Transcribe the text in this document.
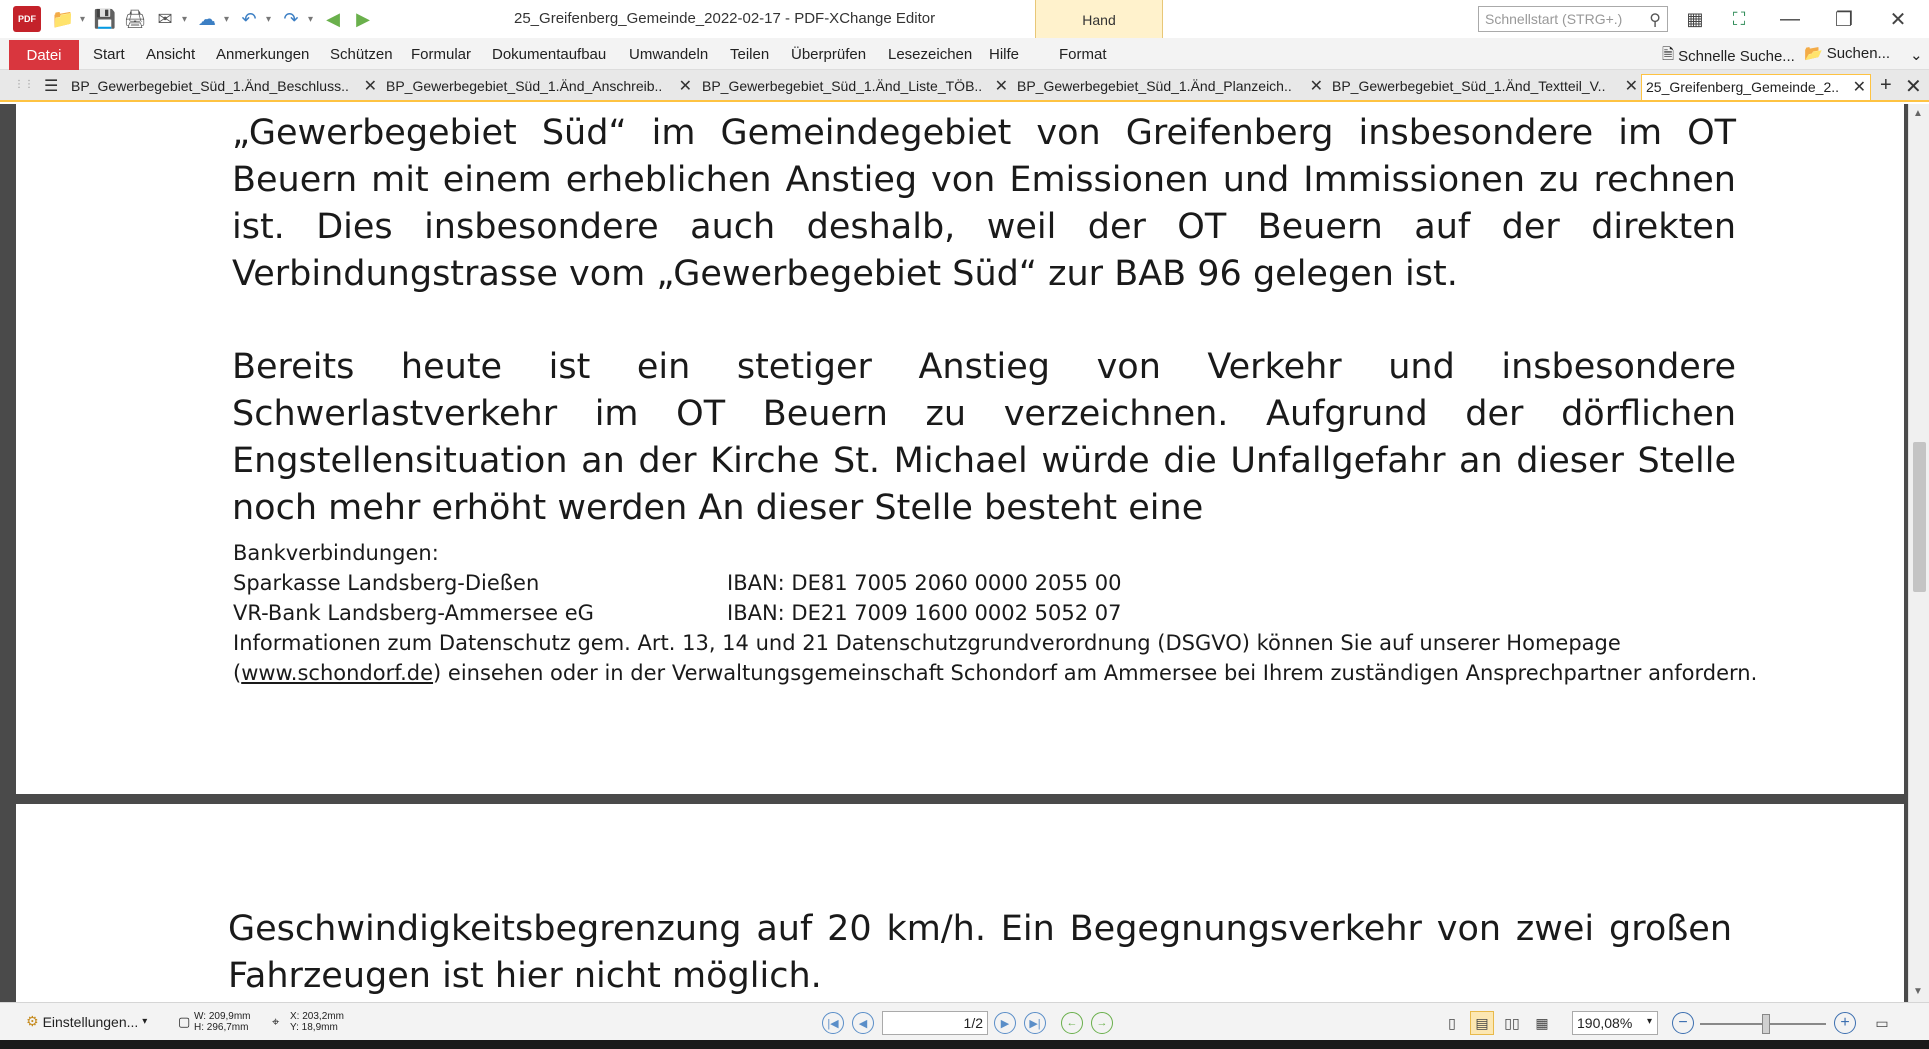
PDF 📁 ▾ 💾 🖨 ✉ ▾ ☁ ▾ ↶ ▾ ↷ ▾ ◀ ▶	25_Greifenberg_Gemeinde_2022-02-17 - PDF-XChange Editor	Schnellstart (STRG+.) ⚲	▦	⛶	—	❐	✕
Hand
Datei	Start Ansicht Anmerkungen Schützen Formular Dokumentaufbau Umwandeln Teilen Überprüfen Lesezeichen Hilfe	Format	🗎 Schnelle Suche... 📂 Suchen... ⌄
⋮⋮ ☰ BP_Gewerbegebiet_Süd_1.Änd_Beschluss.. ✕ BP_Gewerbegebiet_Süd_1.Änd_Anschreib.. ✕ BP_Gewerbegebiet_Süd_1.Änd_Liste_TÖB.. ✕ BP_Gewerbegebiet_Süd_1.Änd_Planzeich.. ✕ BP_Gewerbegebiet_Süd_1.Änd_Textteil_V.. ✕ 25_Greifenberg_Gemeinde_2.. ✕ + ✕

„Gewerbegebiet Süd“ im Gemeindegebiet von Greifenberg insbesondere im OT Beuern mit einem erheblichen Anstieg von Emissionen und Immissionen zu rechnen ist. Dies insbesondere auch deshalb, weil der OT Beuern auf der direkten Verbindungstrasse vom „Gewerbegebiet Süd“ zur BAB 96 gelegen ist.

Bereits heute ist ein stetiger Anstieg von Verkehr und insbesondere Schwerlastverkehr im OT Beuern zu verzeichnen. Aufgrund der dörflichen Engstellensituation an der Kirche St. Michael würde die Unfallgefahr an dieser Stelle noch mehr erhöht werden An dieser Stelle besteht eine

Bankverbindungen:
Sparkasse Landsberg-Dießen	IBAN: DE81 7005 2060 0000 2055 00
VR-Bank Landsberg-Ammersee eG	IBAN: DE21 7009 1600 0002 5052 07
Informationen zum Datenschutz gem. Art. 13, 14 und 21 Datenschutzgrundverordnung (DSGVO) können Sie auf unserer Homepage
(www.schondorf.de) einsehen oder in der Verwaltungsgemeinschaft Schondorf am Ammersee bei Ihrem zuständigen Ansprechpartner anfordern.

Geschwindigkeitsbegrenzung auf 20 km/h. Ein Begegnungsverkehr von zwei großen Fahrzeugen ist hier nicht möglich.

▲
▼
⚙ Einstellungen... ▾ ▢ W: 209,9mm
H: 296,7mm ⌖ X: 203,2mm
Y: 18,9mm	|◀	◀	1/2	▶	▶|	←	→	▯	▤	▯▯	▦	190,08% ▾	−	+	▭
